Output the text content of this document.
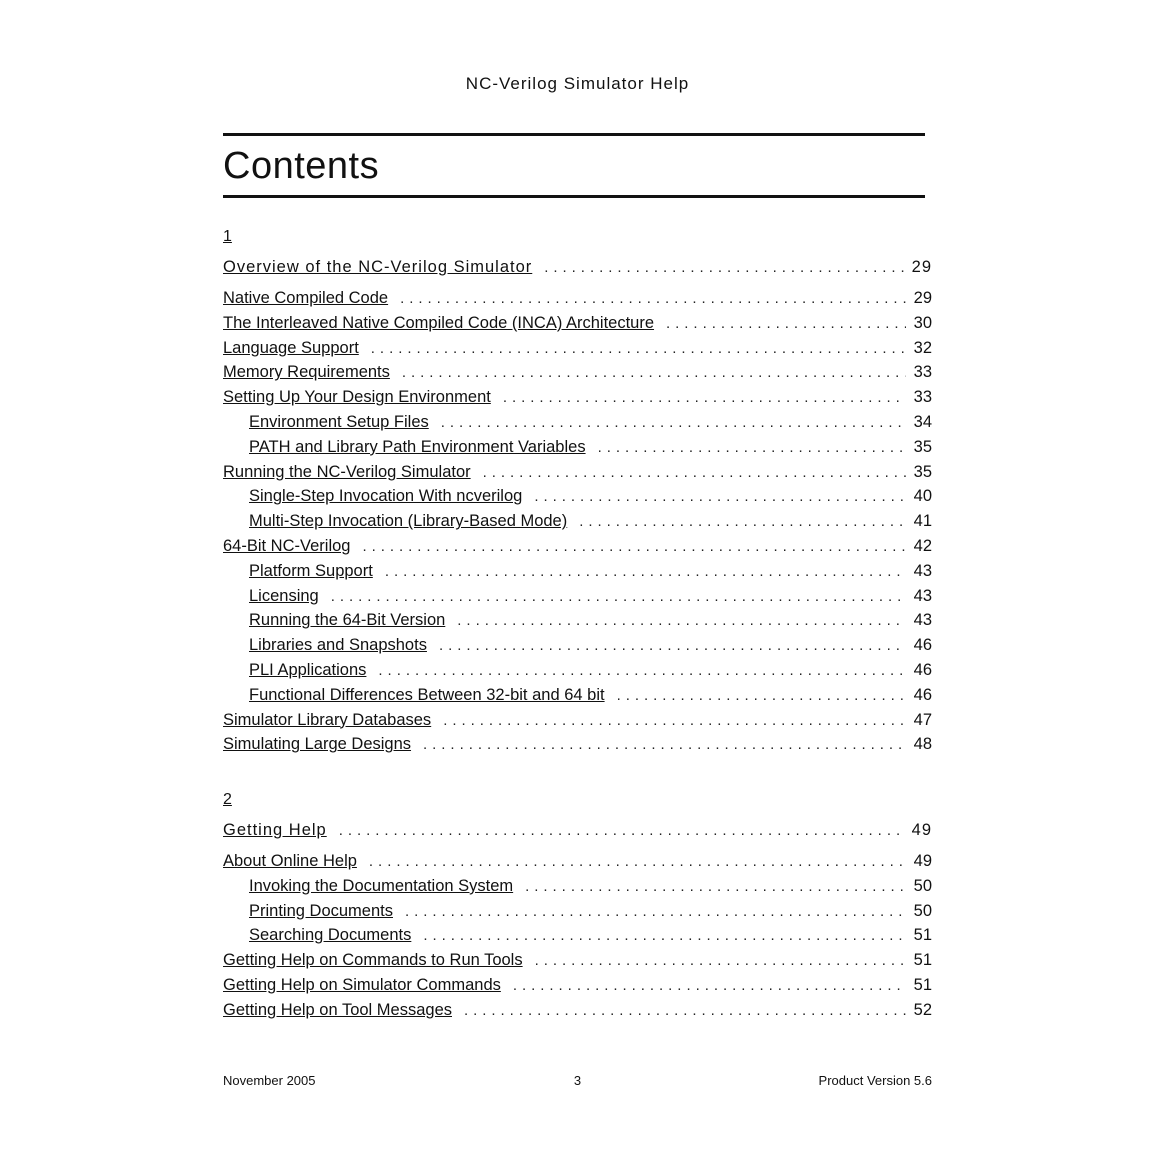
NC-Verilog Simulator Help
Contents
1
Overview of the NC-Verilog Simulator . . .	29
Native Compiled Code . . .	29
The Interleaved Native Compiled Code (INCA) Architecture . . .	30
Language Support . . .	32
Memory Requirements . . .	33
Setting Up Your Design Environment . . .	33
Environment Setup Files . . .	34
PATH and Library Path Environment Variables . . .	35
Running the NC-Verilog Simulator . . .	35
Single-Step Invocation With ncverilog . . .	40
Multi-Step Invocation (Library-Based Mode) . . .	41
64-Bit NC-Verilog . . .	42
Platform Support . . .	43
Licensing . . .	43
Running the 64-Bit Version . . .	43
Libraries and Snapshots . . .	46
PLI Applications . . .	46
Functional Differences Between 32-bit and 64 bit . . .	46
Simulator Library Databases . . .	47
Simulating Large Designs . . .	48
2
Getting Help . . .	49
About Online Help . . .	49
Invoking the Documentation System . . .	50
Printing Documents . . .	50
Searching Documents . . .	51
Getting Help on Commands to Run Tools . . .	51
Getting Help on Simulator Commands . . .	51
Getting Help on Tool Messages . . .	52
November 2005	3	Product Version 5.6
